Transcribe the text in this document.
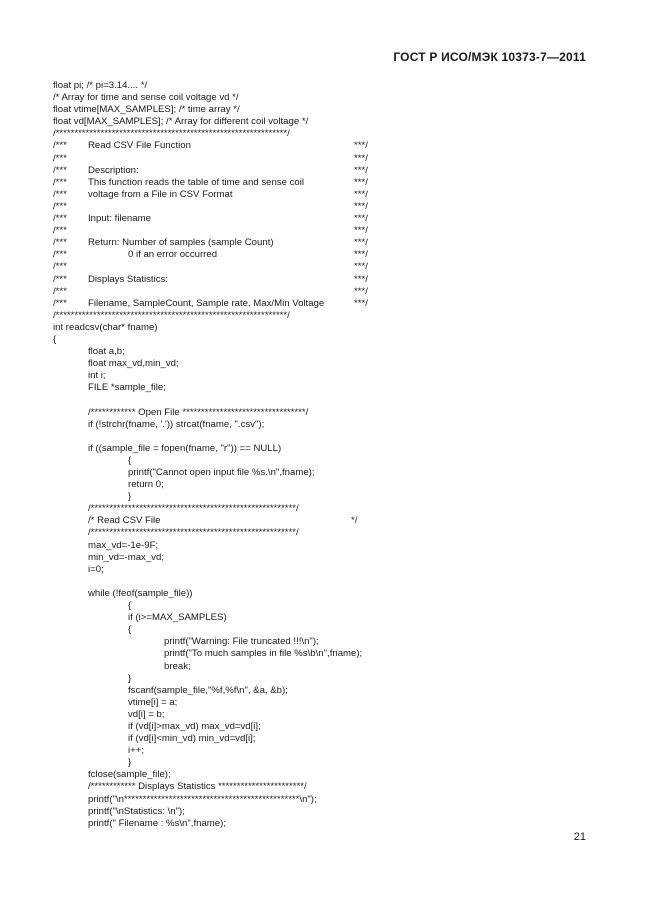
ГОСТ Р ИСО/МЭК 10373-7—2011
float pi; /* pi=3.14.... */
/* Array for time and sense coil voltage vd */
float vtime[MAX_SAMPLES]; /* time array */
float vd[MAX_SAMPLES]; /* Array for different coil voltage */
/**************************************************************/
/*** Read CSV File Function	***/
/***	***/
/*** Description:	***/
/*** This function reads the table of time and sense coil	***/
/*** voltage from a File in CSV Format	***/
/***	***/
/*** Input: filename	***/
/***	***/
/*** Return: Number of samples (sample Count)	***/
/***	0 if an error occurred	***/
/***	***/
/*** Displays Statistics:	***/
/***	***/
/*** Filename, SampleCount, Sample rate, Max/Min Voltage	***/
/**************************************************************/
int readcsv(char* fname)
{
float a,b;
float max_vd,min_vd;
int i;
FILE *sample_file;
/************ Open File *********************************/
if (!strchr(fname, '.')) strcat(fname, ".csv");
if ((sample_file = fopen(fname, "r")) == NULL)
{
printf("Cannot open input file %s.\n",fname);
return 0;
}
/*******************************************************/
/* Read CSV File	*/
/*******************************************************/
max_vd=-1e-9F;
min_vd=-max_vd;
i=0;
while (!feof(sample_file))
{
if (i>=MAX_SAMPLES)
{
printf("Warning: File truncated !!!\n");
printf("To much samples in file %s\b\n",fname);
break;
}
fscanf(sample_file,"%f,%f\n", &a, &b);
vtime[i] = a;
vd[i] = b;
if (vd[i]>max_vd) max_vd=vd[i];
if (vd[i]<min_vd) min_vd=vd[i];
i++;
}
fclose(sample_file);
/************ Displays Statistics ***********************/
printf("\n***********************************************\n");
printf("\nStatistics: \n");
printf(" Filename : %s\n",fname);
21
